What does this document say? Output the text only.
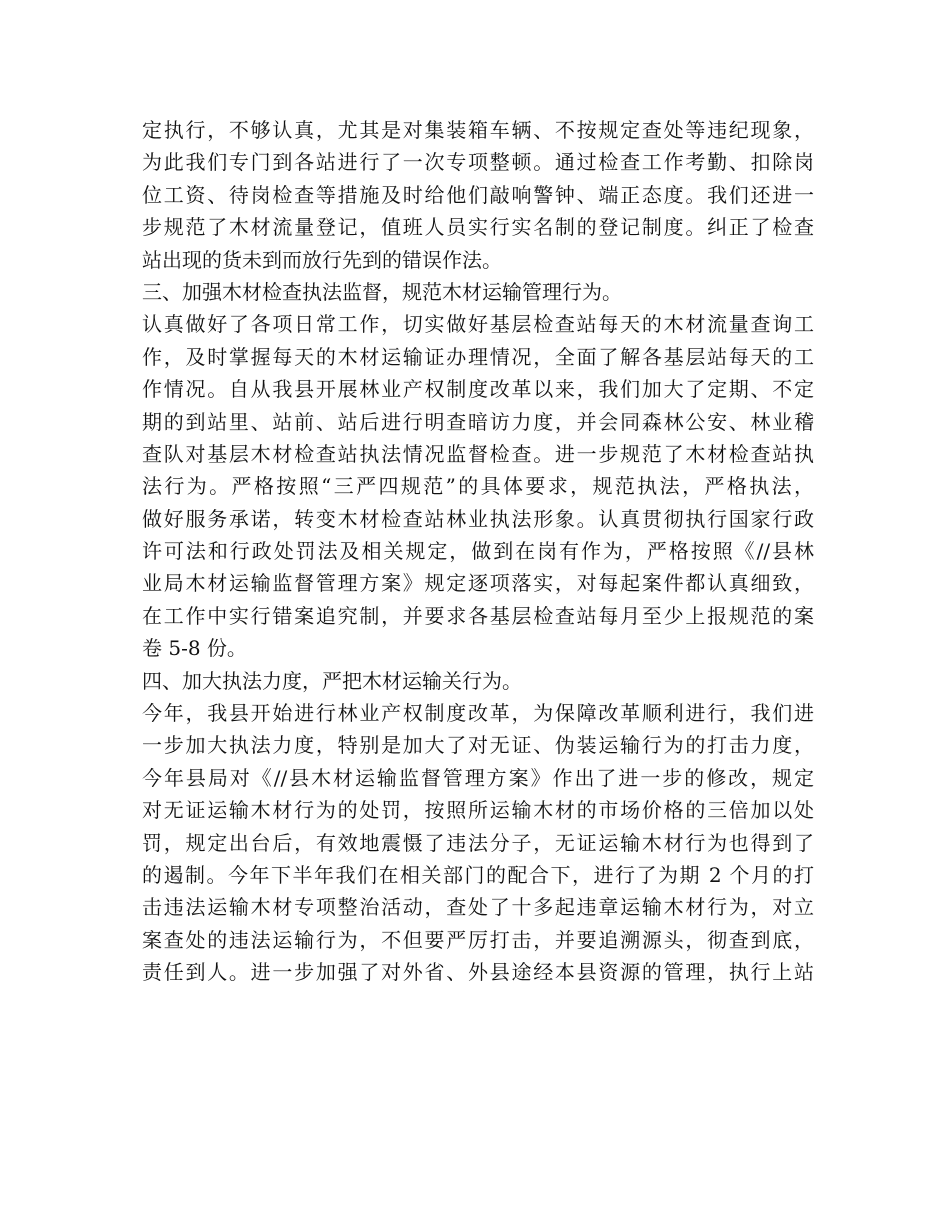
定执行，不够认真，尤其是对集装箱车辆、不按规定查处等违纪现象，
为此我们专门到各站进行了一次专项整顿。通过检查工作考勤、扣除岗
位工资、待岗检查等措施及时给他们敲响警钟、端正态度。我们还进一
步规范了木材流量登记，值班人员实行实名制的登记制度。纠正了检查
站出现的货未到而放行先到的错误作法。
三、加强木材检查执法监督，规范木材运输管理行为。
认真做好了各项日常工作，切实做好基层检查站每天的木材流量查询工
作，及时掌握每天的木材运输证办理情况，全面了解各基层站每天的工
作情况。自从我县开展林业产权制度改革以来，我们加大了定期、不定
期的到站里、站前、站后进行明查暗访力度，并会同森林公安、林业稽
查队对基层木材检查站执法情况监督检查。进一步规范了木材检查站执
法行为。严格按照“三严四规范”的具体要求，规范执法，严格执法，
做好服务承诺，转变木材检查站林业执法形象。认真贯彻执行国家行政
许可法和行政处罚法及相关规定，做到在岗有作为，严格按照《//县林
业局木材运输监督管理方案》规定逐项落实，对每起案件都认真细致，
在工作中实行错案追究制，并要求各基层检查站每月至少上报规范的案
卷 5-8 份。
四、加大执法力度，严把木材运输关行为。
今年，我县开始进行林业产权制度改革，为保障改革顺利进行，我们进
一步加大执法力度，特别是加大了对无证、伪装运输行为的打击力度，
今年县局对《//县木材运输监督管理方案》作出了进一步的修改，规定
对无证运输木材行为的处罚，按照所运输木材的市场价格的三倍加以处
罚，规定出台后，有效地震慑了违法分子，无证运输木材行为也得到了
的遏制。今年下半年我们在相关部门的配合下，进行了为期 2 个月的打
击违法运输木材专项整治活动，查处了十多起违章运输木材行为，对立
案查处的违法运输行为，不但要严厉打击，并要追溯源头，彻查到底，
责任到人。进一步加强了对外省、外县途经本县资源的管理，执行上站
